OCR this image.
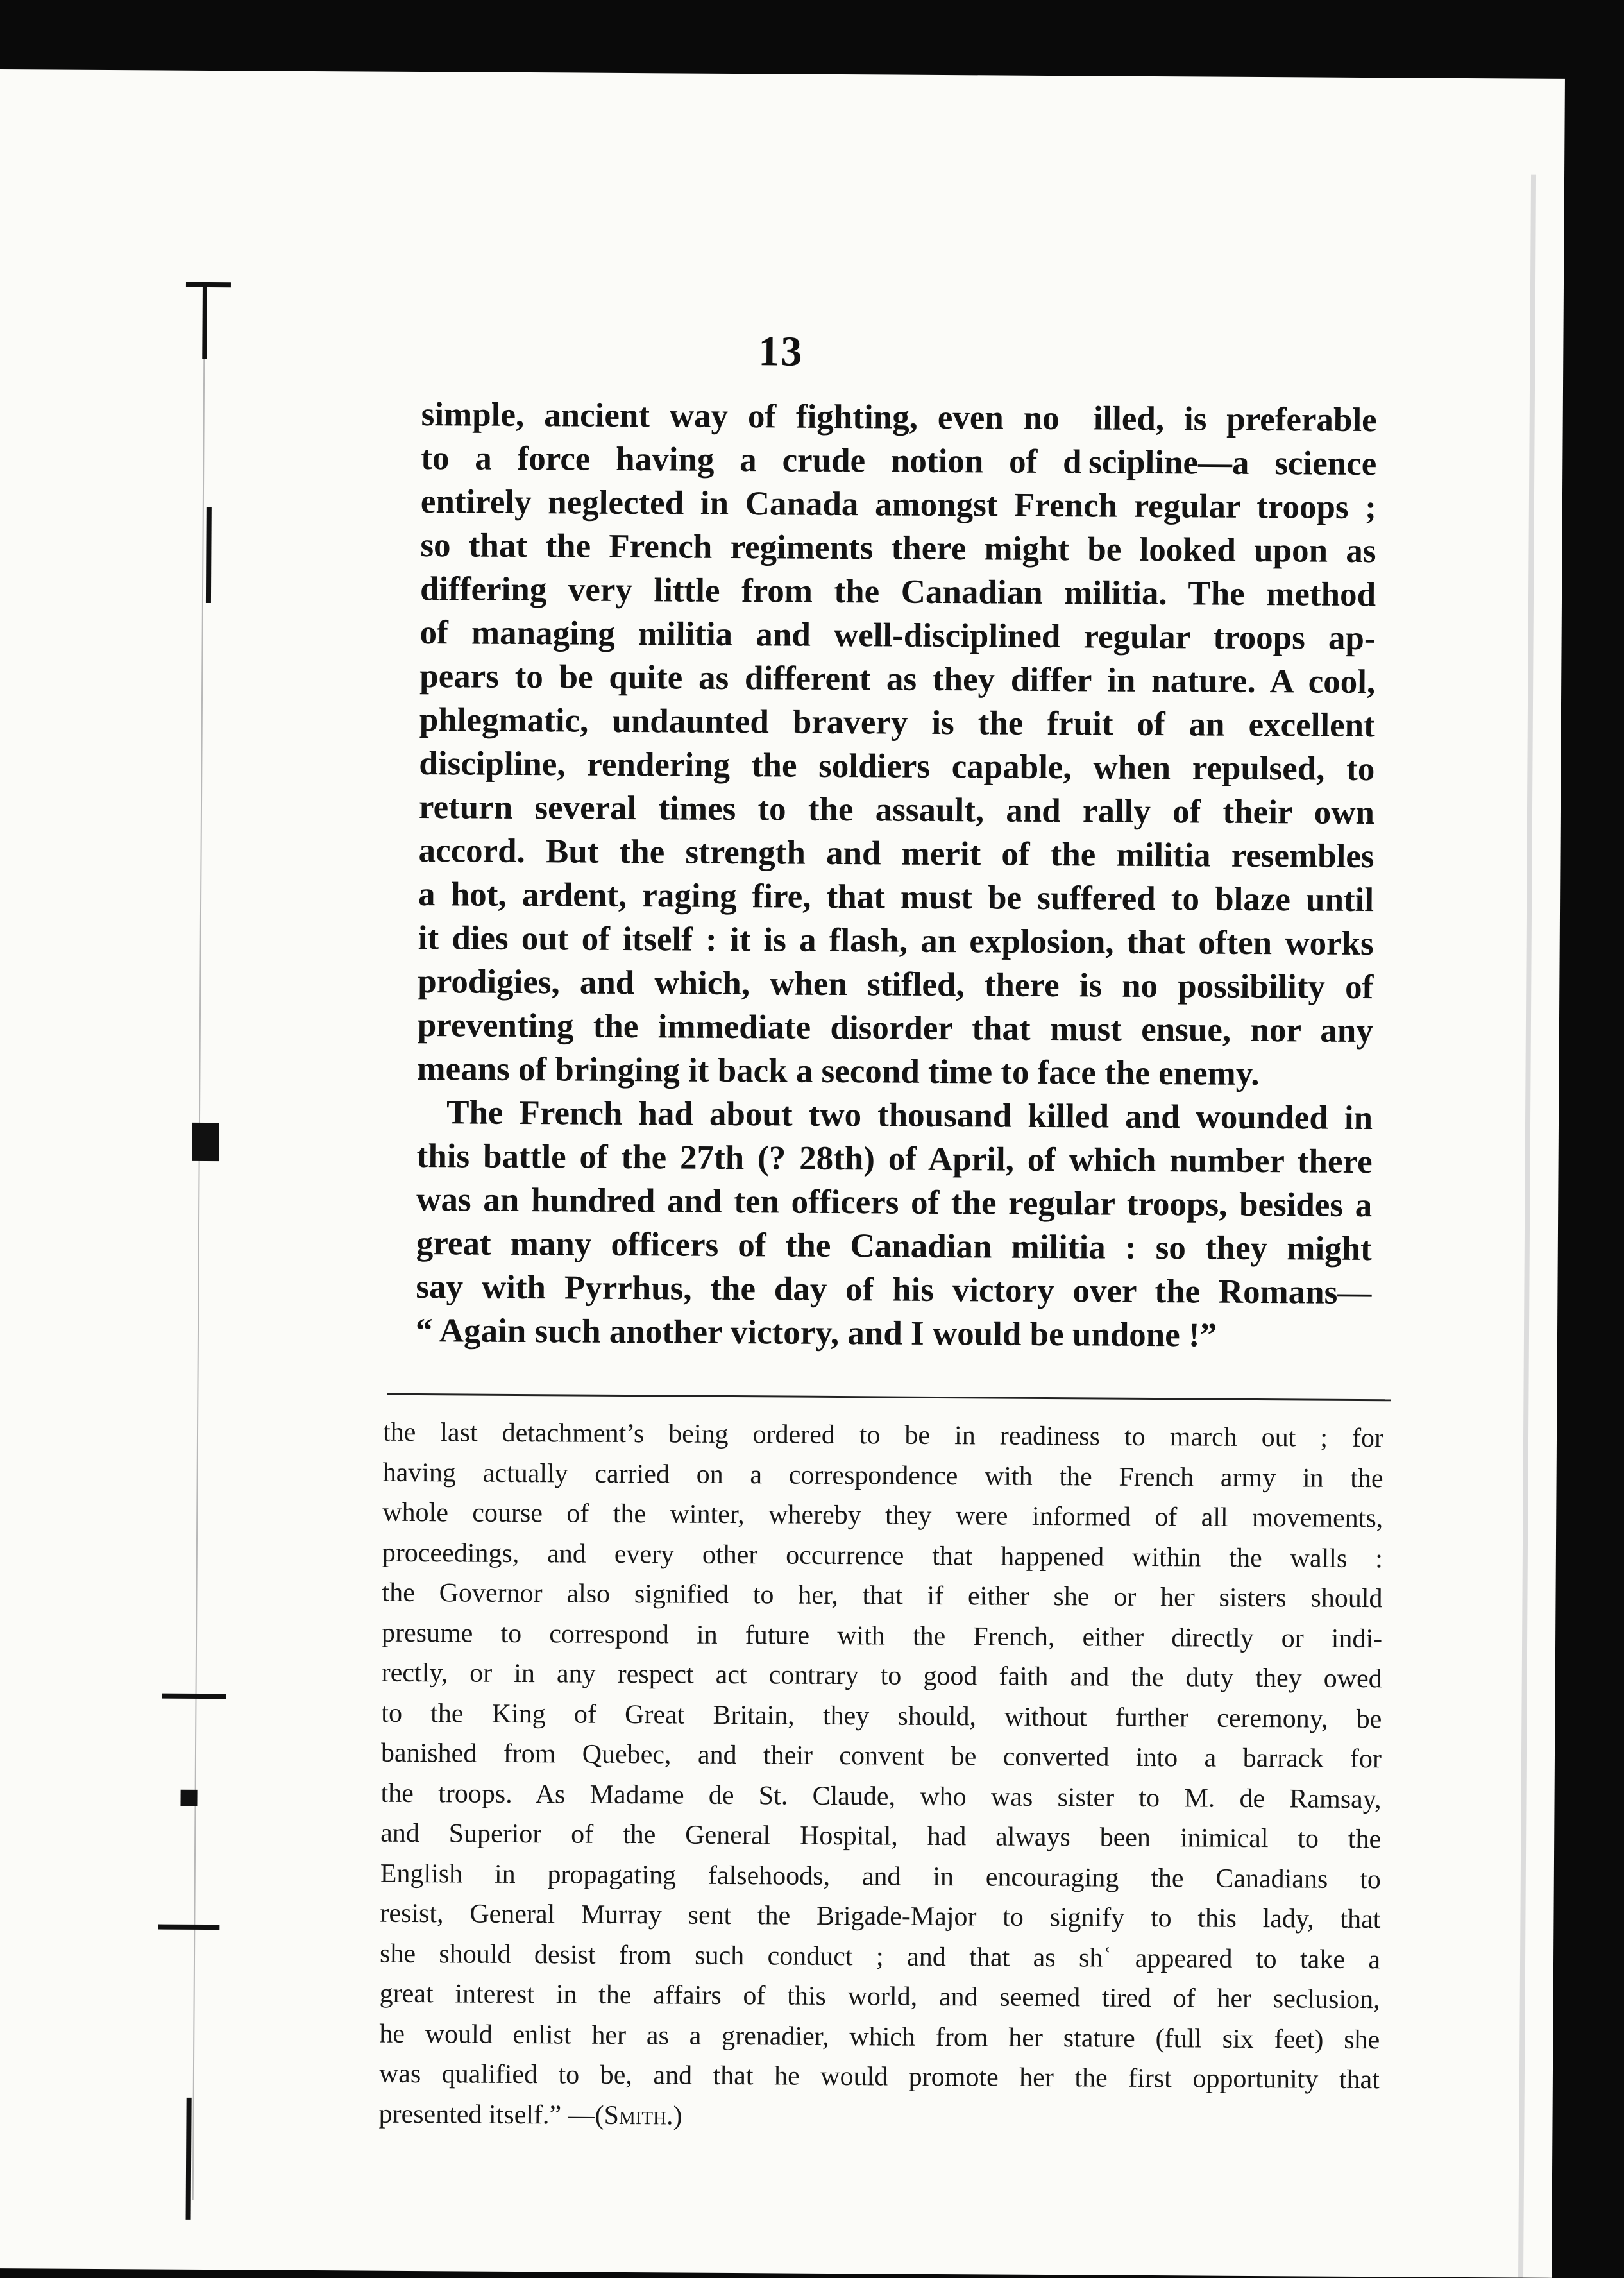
13
simple, ancient way of fighting, even no  illed, is preferable
to a force having a crude notion of d scipline—a science
entirely neglected in Canada amongst French regular troops ;
so that the French regiments there might be looked upon as
differing very little from the Canadian militia. The method
of managing militia and well-disciplined regular troops ap-
pears to be quite as different as they differ in nature. A cool,
phlegmatic, undaunted bravery is the fruit of an excellent
discipline, rendering the soldiers capable, when repulsed, to
return several times to the assault, and rally of their own
accord. But the strength and merit of the militia resembles
a hot, ardent, raging fire, that must be suffered to blaze until
it dies out of itself : it is a flash, an explosion, that often works
prodigies, and which, when stifled, there is no possibility of
preventing the immediate disorder that must ensue, nor any
means of bringing it back a second time to face the enemy.
The French had about two thousand killed and wounded in
this battle of the 27th (? 28th) of April, of which number there
was an hundred and ten officers of the regular troops, besides a
great many officers of the Canadian militia : so they might
say with Pyrrhus, the day of his victory over the Romans—
“ Again such another victory, and I would be undone !”
the last detachment’s being ordered to be in readiness to march out ; for
having actually carried on a correspondence with the French army in the
whole course of the winter, whereby they were informed of all movements,
proceedings, and every other occurrence that happened within the walls :
the Governor also signified to her, that if either she or her sisters should
presume to correspond in future with the French, either directly or indi-
rectly, or in any respect act contrary to good faith and the duty they owed
to the King of Great Britain, they should, without further ceremony, be
banished from Quebec, and their convent be converted into a barrack for
the troops. As Madame de St. Claude, who was sister to M. de Ramsay,
and Superior of the General Hospital, had always been inimical to the
English in propagating falsehoods, and in encouraging the Canadians to
resist, General Murray sent the Brigade-Major to signify to this lady, that
she should desist from such conduct ; and that as shʿ appeared to take a
great interest in the affairs of this world, and seemed tired of her seclusion,
he would enlist her as a grenadier, which from her stature (full six feet) she
was qualified to be, and that he would promote her the first opportunity that
presented itself.” —(Smith.)
